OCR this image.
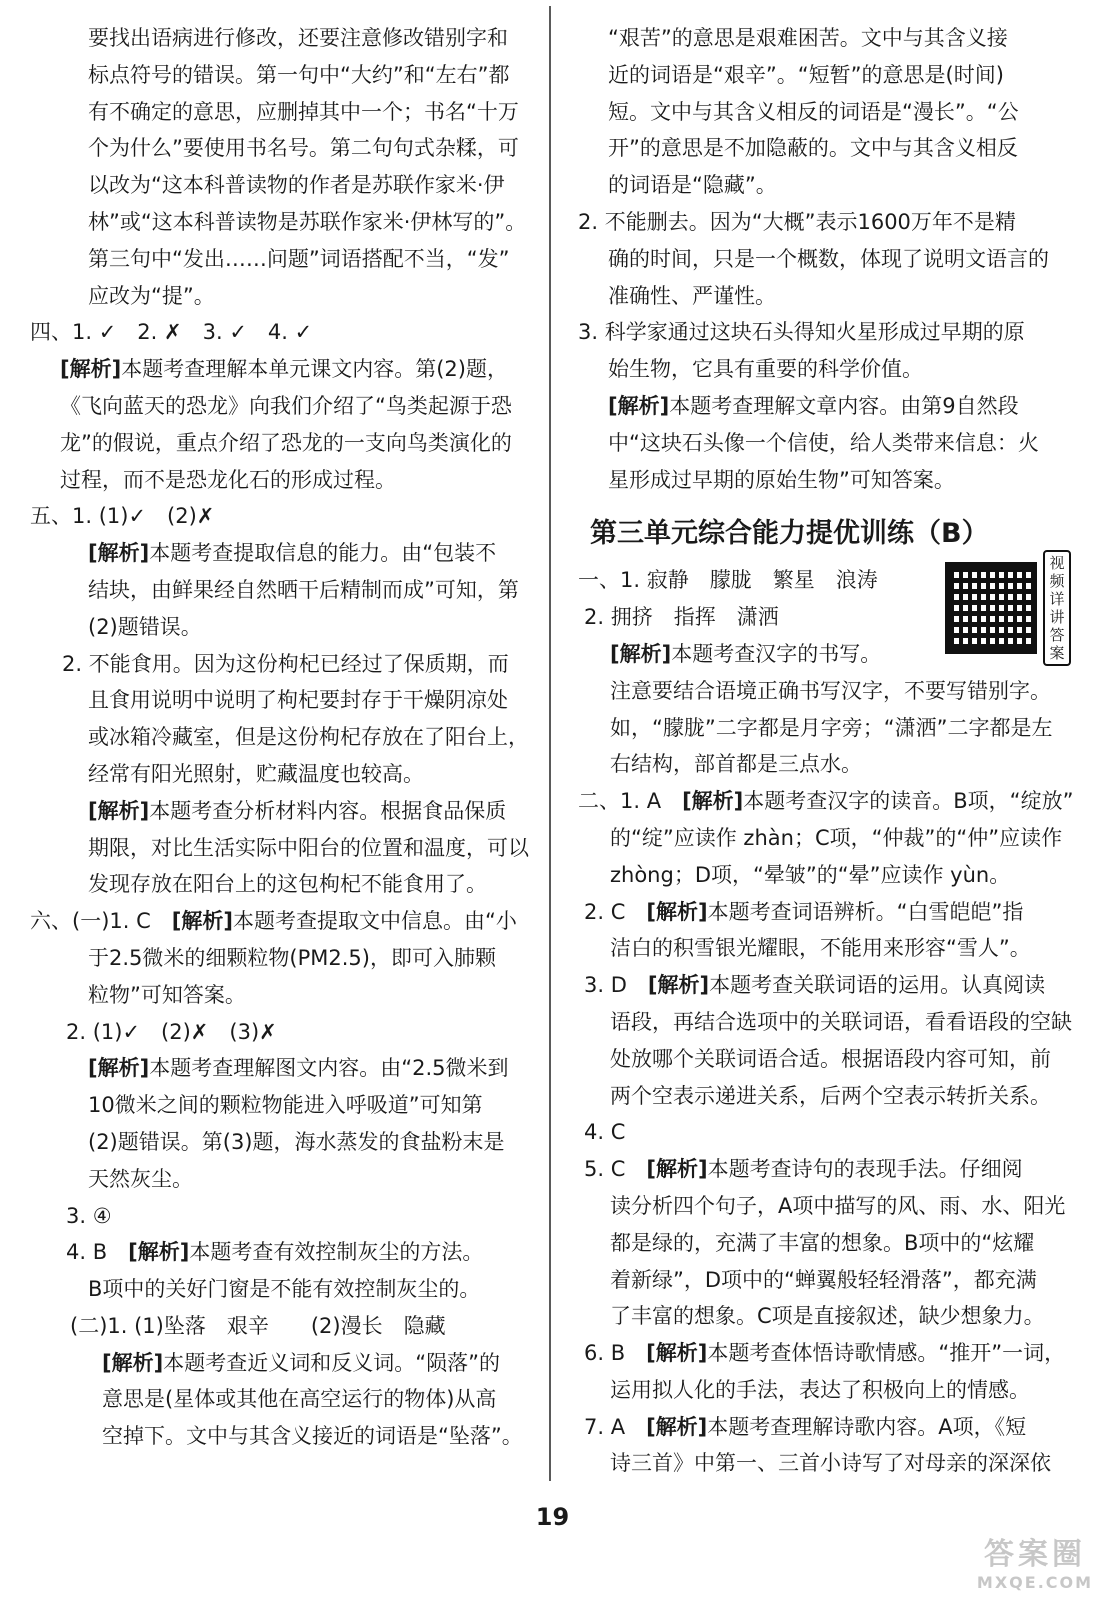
要找出语病进行修改，还要注意修改错别字和
标点符号的错误。第一句中“大约”和“左右”都
有不确定的意思，应删掉其中一个；书名“十万
个为什么”要使用书名号。第二句句式杂糅，可
以改为“这本科普读物的作者是苏联作家米·伊
林”或“这本科普读物是苏联作家米·伊林写的”。
第三句中“发出……问题”词语搭配不当，“发”
应改为“提”。
四、1. ✓　2. ✗　3. ✓　4. ✓
[解析]本题考查理解本单元课文内容。第(2)题，
《飞向蓝天的恐龙》向我们介绍了“鸟类起源于恐
龙”的假说，重点介绍了恐龙的一支向鸟类演化的
过程，而不是恐龙化石的形成过程。
五、1. (1)✓　(2)✗
[解析]本题考查提取信息的能力。由“包装不
结块，由鲜果经自然晒干后精制而成”可知，第
(2)题错误。
2. 不能食用。因为这份枸杞已经过了保质期，而
且食用说明中说明了枸杞要封存于干燥阴凉处
或冰箱冷藏室，但是这份枸杞存放在了阳台上，
经常有阳光照射，贮藏温度也较高。
[解析]本题考查分析材料内容。根据食品保质
期限，对比生活实际中阳台的位置和温度，可以
发现存放在阳台上的这包枸杞不能食用了。
六、(一)1. C　[解析]本题考查提取文中信息。由“小
于2.5微米的细颗粒物(PM2.5)，即可入肺颗
粒物”可知答案。
2. (1)✓　(2)✗　(3)✗
[解析]本题考查理解图文内容。由“2.5微米到
10微米之间的颗粒物能进入呼吸道”可知第
(2)题错误。第(3)题，海水蒸发的食盐粉末是
天然灰尘。
3. ④
4. B　[解析]本题考查有效控制灰尘的方法。
B项中的关好门窗是不能有效控制灰尘的。
(二)1. (1)坠落　艰辛　　(2)漫长　隐藏
[解析]本题考查近义词和反义词。“陨落”的
意思是(星体或其他在高空运行的物体)从高
空掉下。文中与其含义接近的词语是“坠落”。
“艰苦”的意思是艰难困苦。文中与其含义接
近的词语是“艰辛”。“短暂”的意思是(时间)
短。文中与其含义相反的词语是“漫长”。“公
开”的意思是不加隐蔽的。文中与其含义相反
的词语是“隐藏”。
2. 不能删去。因为“大概”表示1600万年不是精
确的时间，只是一个概数，体现了说明文语言的
准确性、严谨性。
3. 科学家通过这块石头得知火星形成过早期的原
始生物，它具有重要的科学价值。
[解析]本题考查理解文章内容。由第9自然段
中“这块石头像一个信使，给人类带来信息：火
星形成过早期的原始生物”可知答案。
第三单元综合能力提优训练（B）
视频详讲答案
一、1. 寂静　朦胧　繁星　浪涛
2. 拥挤　指挥　潇洒
[解析]本题考查汉字的书写。
注意要结合语境正确书写汉字，不要写错别字。
如，“朦胧”二字都是月字旁；“潇洒”二字都是左
右结构，部首都是三点水。
二、1. A　[解析]本题考查汉字的读音。B项，“绽放”
的“绽”应读作 zhàn；C项，“仲裁”的“仲”应读作
zhòng；D项，“晕皱”的“晕”应读作 yùn。
2. C　[解析]本题考查词语辨析。“白雪皑皑”指
洁白的积雪银光耀眼，不能用来形容“雪人”。
3. D　[解析]本题考查关联词语的运用。认真阅读
语段，再结合选项中的关联词语，看看语段的空缺
处放哪个关联词语合适。根据语段内容可知，前
两个空表示递进关系，后两个空表示转折关系。
4. C
5. C　[解析]本题考查诗句的表现手法。仔细阅
读分析四个句子，A项中描写的风、雨、水、阳光
都是绿的，充满了丰富的想象。B项中的“炫耀
着新绿”，D项中的“蝉翼般轻轻滑落”，都充满
了丰富的想象。C项是直接叙述，缺少想象力。
6. B　[解析]本题考查体悟诗歌情感。“推开”一词，
运用拟人化的手法，表达了积极向上的情感。
7. A　[解析]本题考查理解诗歌内容。A项，《短
诗三首》中第一、三首小诗写了对母亲的深深依
19
答案圈
MXQE.COM
